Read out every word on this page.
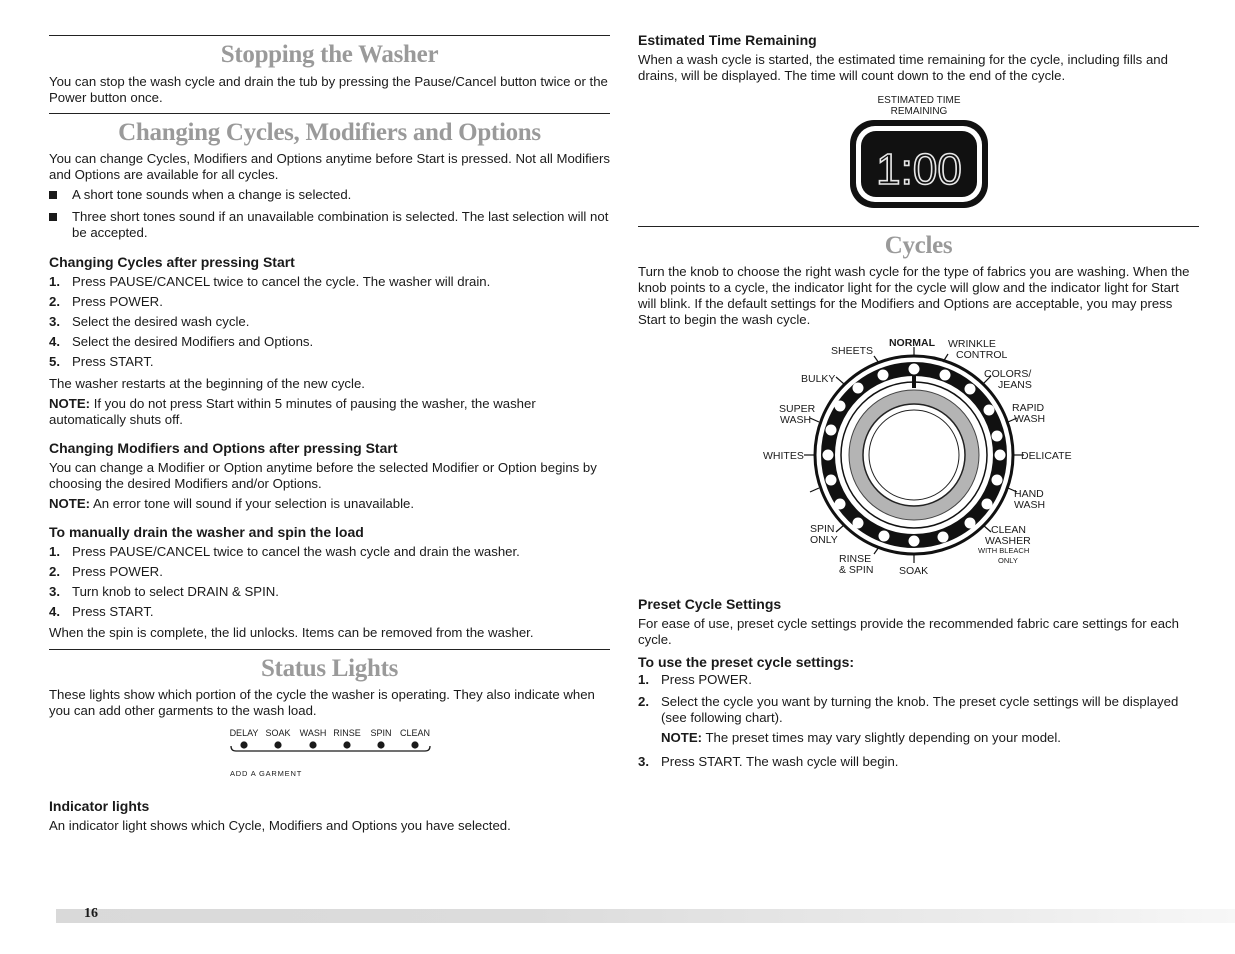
Stopping the Washer

You can stop the wash cycle and drain the tub by pressing the Pause/Cancel button twice or the Power button once.

Changing Cycles, Modifiers and Options

You can change Cycles, Modifiers and Options anytime before Start is pressed. Not all Modifiers and Options are available for all cycles.

A short tone sounds when a change is selected.
Three short tones sound if an unavailable combination is selected. The last selection will not be accepted.
Changing Cycles after pressing Start
1. Press PAUSE/CANCEL twice to cancel the cycle. The washer will drain.
2. Press POWER.
3. Select the desired wash cycle.
4. Select the desired Modifiers and Options.
5. Press START.

The washer restarts at the beginning of the new cycle.

NOTE: If you do not press Start within 5 minutes of pausing the washer, the washer automatically shuts off.

Changing Modifiers and Options after pressing Start

You can change a Modifier or Option anytime before the selected Modifier or Option begins by choosing the desired Modifiers and/or Options.

NOTE: An error tone will sound if your selection is unavailable.

To manually drain the washer and spin the load
1. Press PAUSE/CANCEL twice to cancel the wash cycle and drain the washer.
2. Press POWER.
3. Turn knob to select DRAIN & SPIN.
4. Press START.

When the spin is complete, the lid unlocks. Items can be removed from the washer.

Status Lights

These lights show which portion of the cycle the washer is operating. They also indicate when you can add other garments to the wash load.

DELAY SOAK WASH RINSE SPIN CLEAN
ADD A GARMENT
Indicator lights

An indicator light shows which Cycle, Modifiers and Options you have selected.

Estimated Time Remaining

When a wash cycle is started, the estimated time remaining for the cycle, including fills and drains, will be displayed. The time will count down to the end of the cycle.

ESTIMATED TIME
REMAINING
1:00
Cycles

Turn the knob to choose the right wash cycle for the type of fabrics you are washing. When the knob points to a cycle, the indicator light for the cycle will glow and the indicator light for Start will blink. If the default settings for the Modifiers and Options are acceptable, you may press Start to begin the wash cycle.

NORMAL WRINKLE
CONTROL
SHEETS
COLORS/
JEANS
BULKY
RAPID
WASH
SUPER
WASH
WHITES	DELICATE
HAND
WASH
SPIN
ONLY
CLEAN
WASHER
WITH BLEACH
ONLY
RINSE
& SPIN SOAK
Preset Cycle Settings

For ease of use, preset cycle settings provide the recommended fabric care settings for each cycle.

To use the preset cycle settings:
1. Press POWER.
2. Select the cycle you want by turning the knob. The preset cycle settings will be displayed (see following chart).
NOTE: The preset times may vary slightly depending on your model.
3. Press START. The wash cycle will begin.
16
